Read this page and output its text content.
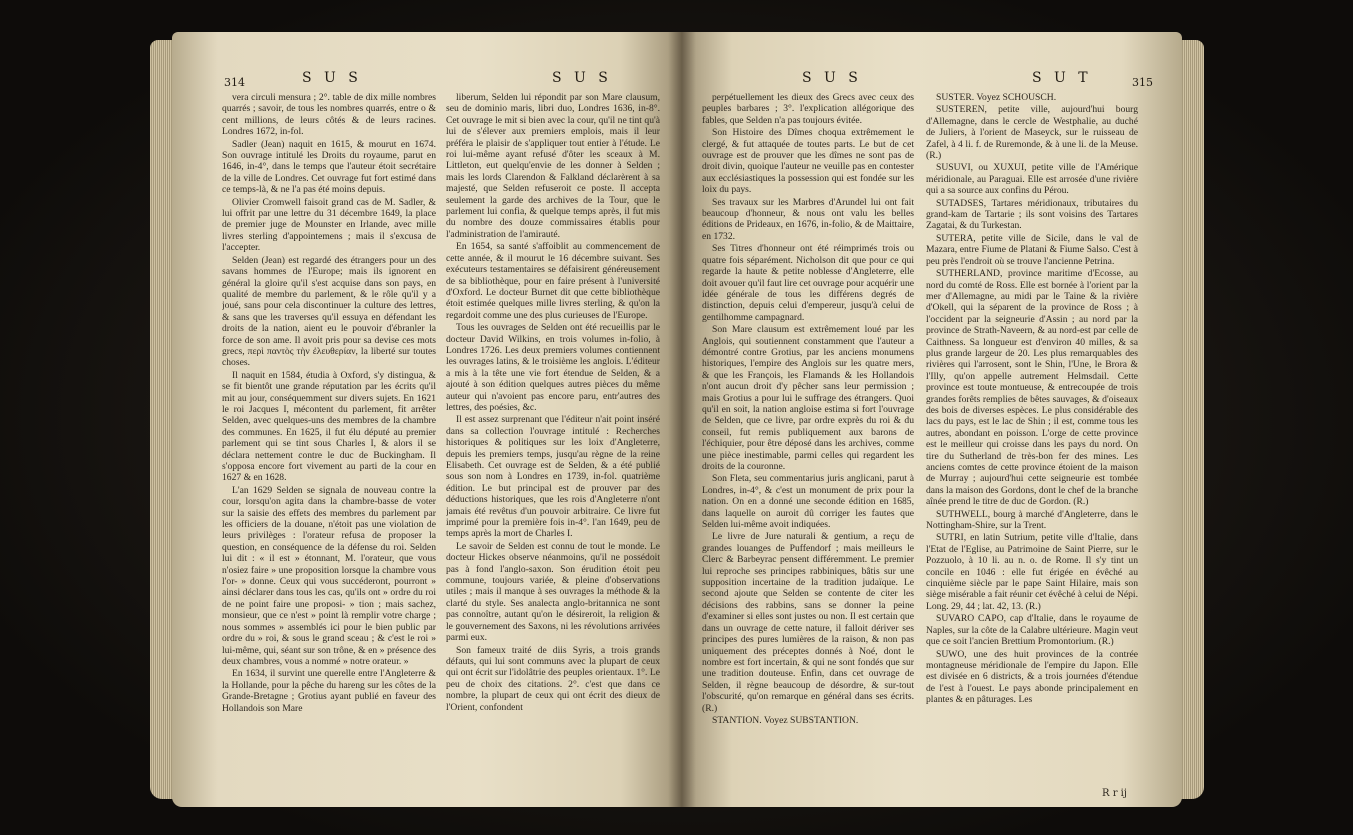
314	S U S	S U S

vera circuli mensura ; 2°. table de dix mille nombres quarrés ; savoir, de tous les nombres quarrés, entre o & cent millions, de leurs côtés & de leurs racines. Londres 1672, in-fol.

Sadler (Jean) naquit en 1615, & mourut en 1674. Son ouvrage intitulé les Droits du royaume, parut en 1646, in-4°, dans le temps que l'auteur étoit secrétaire de la ville de Londres. Cet ouvrage fut fort estimé dans ce temps-là, & ne l'a pas été moins depuis.

Olivier Cromwell faisoit grand cas de M. Sadler, & lui offrit par une lettre du 31 décembre 1649, la place de premier juge de Mounster en Irlande, avec mille livres sterling d'appointemens ; mais il s'excusa de l'accepter.

Selden (Jean) est regardé des étrangers pour un des savans hommes de l'Europe; mais ils ignorent en général la gloire qu'il s'est acquise dans son pays, en qualité de membre du parlement, & le rôle qu'il y a joué, sans pour cela discontinuer la culture des lettres, & sans que les traverses qu'il essuya en défendant les droits de la nation, aient eu le pouvoir d'ébranler la force de son ame. Il avoit pris pour sa devise ces mots grecs, περὶ παντὸς τὴν ἐλευθερίαν, la liberté sur toutes choses.

Il naquit en 1584, étudia à Oxford, s'y distingua, & se fit bientôt une grande réputation par les écrits qu'il mit au jour, conséquemment sur divers sujets. En 1621 le roi Jacques I, mécontent du parlement, fit arrêter Selden, avec quelques-uns des membres de la chambre des communes. En 1625, il fut élu député au premier parlement qui se tint sous Charles I, & alors il se déclara nettement contre le duc de Buckingham. Il s'opposa encore fort vivement au parti de la cour en 1627 & en 1628.

L'an 1629 Selden se signala de nouveau contre la cour, lorsqu'on agita dans la chambre-basse de voter sur la saisie des effets des membres du parlement par les officiers de la douane, n'étoit pas une violation de leurs privilèges : l'orateur refusa de proposer la question, en conséquence de la défense du roi. Selden lui dit : « il est » étonnant, M. l'orateur, que vous n'osiez faire » une proposition lorsque la chambre vous l'or- » donne. Ceux qui vous succéderont, pourront » ainsi déclarer dans tous les cas, qu'ils ont » ordre du roi de ne point faire une proposi- » tion ; mais sachez, monsieur, que ce n'est » point là remplir votre charge ; nous sommes » assemblés ici pour le bien public par ordre du » roi, & sous le grand sceau ; & c'est le roi » lui-même, qui, séant sur son trône, & en » présence des deux chambres, vous a nommé » notre orateur. »

En 1634, il survint une querelle entre l'Angleterre & la Hollande, pour la pêche du hareng sur les côtes de la Grande-Bretagne ; Grotius ayant publié en faveur des Hollandois son Mare

liberum, Selden lui répondit par son Mare clausum, seu de dominio maris, libri duo, Londres 1636, in-8°. Cet ouvrage le mit si bien avec la cour, qu'il ne tint qu'à lui de s'élever aux premiers emplois, mais il leur préféra le plaisir de s'appliquer tout entier à l'étude. Le roi lui-même ayant refusé d'ôter les sceaux à M. Littleton, eut quelqu'envie de les donner à Selden ; mais les lords Clarendon & Falkland déclarèrent à sa majesté, que Selden refuseroit ce poste. Il accepta seulement la garde des archives de la Tour, que le parlement lui confia, & quelque temps après, il fut mis du nombre des douze commissaires établis pour l'administration de l'amirauté.

En 1654, sa santé s'affoiblit au commencement de cette année, & il mourut le 16 décembre suivant. Ses exécuteurs testamentaires se défaisirent généreusement de sa bibliothèque, pour en faire présent à l'université d'Oxford. Le docteur Burnet dit que cette bibliothèque étoit estimée quelques mille livres sterling, & qu'on la regardoit comme une des plus curieuses de l'Europe.

Tous les ouvrages de Selden ont été recueillis par le docteur David Wilkins, en trois volumes in-folio, à Londres 1726. Les deux premiers volumes contiennent les ouvrages latins, & le troisième les anglois. L'éditeur a mis à la tête une vie fort étendue de Selden, & a ajouté à son édition quelques autres pièces du même auteur qui n'avoient pas encore paru, entr'autres des lettres, des poésies, &c.

Il est assez surprenant que l'éditeur n'ait point inséré dans sa collection l'ouvrage intitulé : Recherches historiques & politiques sur les loix d'Angleterre, depuis les premiers temps, jusqu'au règne de la reine Elisabeth. Cet ouvrage est de Selden, & a été publié sous son nom à Londres en 1739, in-fol. quatrième édition. Le but principal est de prouver par des déductions historiques, que les rois d'Angleterre n'ont jamais été revêtus d'un pouvoir arbitraire. Ce livre fut imprimé pour la première fois in-4°. l'an 1649, peu de temps après la mort de Charles I.

Le savoir de Selden est connu de tout le monde. Le docteur Hickes observe néanmoins, qu'il ne possédoit pas à fond l'anglo-saxon. Son érudition étoit peu commune, toujours variée, & pleine d'observations utiles ; mais il manque à ses ouvrages la méthode & la clarté du style. Ses analecta anglo-britannica ne sont pas connoître, autant qu'on le désireroit, la religion & le gouvernement des Saxons, ni les révolutions arrivées parmi eux.

Son fameux traité de diis Syris, a trois grands défauts, qui lui sont communs avec la plupart de ceux qui ont écrit sur l'idolâtrie des peuples orientaux. 1°. Le peu de choix des citations. 2°. c'est que dans ce nombre, la plupart de ceux qui ont écrit des dieux de l'Orient, confondent

S U S	S U T	315

perpétuellement les dieux des Grecs avec ceux des peuples barbares ; 3°. l'explication allégorique des fables, que Selden n'a pas toujours évitée.

Son Histoire des Dîmes choqua extrêmement le clergé, & fut attaquée de toutes parts. Le but de cet ouvrage est de prouver que les dîmes ne sont pas de droit divin, quoique l'auteur ne veuille pas en contester aux ecclésiastiques la possession qui est fondée sur les loix du pays.

Ses travaux sur les Marbres d'Arundel lui ont fait beaucoup d'honneur, & nous ont valu les belles éditions de Prideaux, en 1676, in-folio, & de Maittaire, en 1732.

Ses Titres d'honneur ont été réimprimés trois ou quatre fois séparément. Nicholson dit que pour ce qui regarde la haute & petite noblesse d'Angleterre, elle doit avouer qu'il faut lire cet ouvrage pour acquérir une idée générale de tous les différens degrés de distinction, depuis celui d'empereur, jusqu'à celui de gentilhomme campagnard.

Son Mare clausum est extrêmement loué par les Anglois, qui soutiennent constamment que l'auteur a démontré contre Grotius, par les anciens monumens historiques, l'empire des Anglois sur les quatre mers, & que les François, les Flamands & les Hollandois n'ont aucun droit d'y pêcher sans leur permission ; mais Grotius a pour lui le suffrage des étrangers. Quoi qu'il en soit, la nation angloise estima si fort l'ouvrage de Selden, que ce livre, par ordre exprès du roi & du conseil, fut remis publiquement aux barons de l'échiquier, pour être déposé dans les archives, comme une pièce inestimable, parmi celles qui regardent les droits de la couronne.

Son Fleta, seu commentarius juris anglicani, parut à Londres, in-4°, & c'est un monument de prix pour la nation. On en a donné une seconde édition en 1685, dans laquelle on auroit dû corriger les fautes que Selden lui-même avoit indiquées.

Le livre de Jure naturali & gentium, a reçu de grandes louanges de Puffendorf ; mais meilleurs le Clerc & Barbeyrac pensent différemment. Le premier lui reproche ses principes rabbiniques, bâtis sur une supposition incertaine de la tradition judaïque. Le second ajoute que Selden se contente de citer les décisions des rabbins, sans se donner la peine d'examiner si elles sont justes ou non. Il est certain que dans un ouvrage de cette nature, il falloit dériver ses principes des pures lumières de la raison, & non pas uniquement des préceptes donnés à Noé, dont le nombre est fort incertain, & qui ne sont fondés que sur une tradition douteuse. Enfin, dans cet ouvrage de Selden, il règne beaucoup de désordre, & sur-tout l'obscurité, qu'on remarque en général dans ses écrits. (R.)

STANTION. Voyez SUBSTANTION.

SUSTER. Voyez SCHOUSCH.

SUSTEREN, petite ville, aujourd'hui bourg d'Allemagne, dans le cercle de Westphalie, au duché de Juliers, à l'orient de Maseyck, sur le ruisseau de Zafel, à 4 li. f. de Ruremonde, & à une li. de la Meuse. (R.)

SUSUVI, ou XUXUI, petite ville de l'Amérique méridionale, au Paraguai. Elle est arrosée d'une rivière qui a sa source aux confins du Pérou.

SUTADSES, Tartares méridionaux, tributaires du grand-kam de Tartarie ; ils sont voisins des Tartares Zagatai, & du Turkestan.

SUTERA, petite ville de Sicile, dans le val de Mazara, entre Fiume de Platani & Fiume Salso. C'est à peu près l'endroit où se trouve l'ancienne Petrina.

SUTHERLAND, province maritime d'Ecosse, au nord du comté de Ross. Elle est bornée à l'orient par la mer d'Allemagne, au midi par le Taine & la rivière d'Okell, qui la séparent de la province de Ross ; à l'occident par la seigneurie d'Assin ; au nord par la province de Strath-Naveern, & au nord-est par celle de Caithness. Sa longueur est d'environ 40 milles, & sa plus grande largeur de 20. Les plus remarquables des rivières qui l'arrosent, sont le Shin, l'Une, le Brora & l'Illy, qu'on appelle autrement Helmsdail. Cette province est toute montueuse, & entrecoupée de trois grandes forêts remplies de bêtes sauvages, & d'oiseaux des bois de diverses espèces. Le plus considérable des lacs du pays, est le lac de Shin ; il est, comme tous les autres, abondant en poisson. L'orge de cette province est le meilleur qui croisse dans les pays du nord. On tire du Sutherland de très-bon fer des mines. Les anciens comtes de cette province étoient de la maison de Murray ; aujourd'hui cette seigneurie est tombée dans la maison des Gordons, dont le chef de la branche aînée prend le titre de duc de Gordon. (R.)

SUTHWELL, bourg à marché d'Angleterre, dans le Nottingham-Shire, sur la Trent.

SUTRI, en latin Sutrium, petite ville d'Italie, dans l'Etat de l'Eglise, au Patrimoine de Saint Pierre, sur le Pozzuolo, à 10 li. au n. o. de Rome. Il s'y tint un concile en 1046 : elle fut érigée en évêché au cinquième siècle par le pape Saint Hilaire, mais son siège misérable a fait réunir cet évêché à celui de Népi. Long. 29, 44 ; lat. 42, 13. (R.)

SUVARO CAPO, cap d'Italie, dans le royaume de Naples, sur la côte de la Calabre ultérieure. Magin veut que ce soit l'ancien Brettium Promontorium. (R.)

SUWO, une des huit provinces de la contrée montagneuse méridionale de l'empire du Japon. Elle est divisée en 6 districts, & a trois journées d'étendue de l'est à l'ouest. Le pays abonde principalement en plantes & en pâturages. Les

R r ij
